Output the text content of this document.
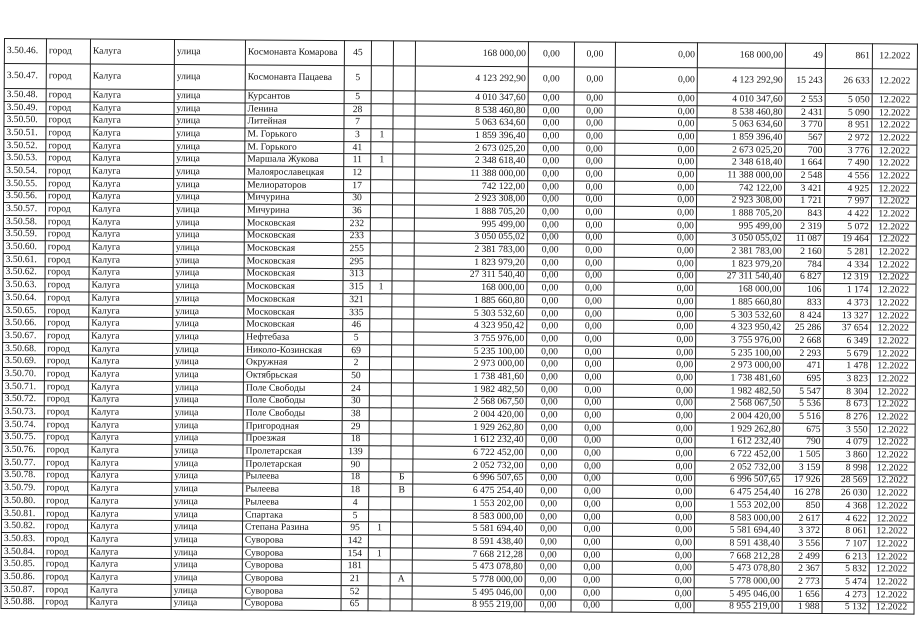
3.50.46.	город	Калуга	улица	Космонавта Комарова	45			168 000,00	0,00	0,00	0,00	168 000,00	49	861	12.2022
3.50.47.	город	Калуга	улица	Космонавта Пацаева	5			4 123 292,90	0,00	0,00	0,00	4 123 292,90	15 243	26 633	12.2022
3.50.48.	город	Калуга	улица	Курсантов	5			4 010 347,60	0,00	0,00	0,00	4 010 347,60	2 553	5 050	12.2022
3.50.49.	город	Калуга	улица	Ленина	28			8 538 460,80	0,00	0,00	0,00	8 538 460,80	2 431	5 090	12.2022
3.50.50.	город	Калуга	улица	Литейная	7			5 063 634,60	0,00	0,00	0,00	5 063 634,60	3 770	8 951	12.2022
3.50.51.	город	Калуга	улица	М. Горького	3	1		1 859 396,40	0,00	0,00	0,00	1 859 396,40	567	2 972	12.2022
3.50.52.	город	Калуга	улица	М. Горького	41			2 673 025,20	0,00	0,00	0,00	2 673 025,20	700	3 776	12.2022
3.50.53.	город	Калуга	улица	Маршала Жукова	11	1		2 348 618,40	0,00	0,00	0,00	2 348 618,40	1 664	7 490	12.2022
3.50.54.	город	Калуга	улица	Малоярославецкая	12			11 388 000,00	0,00	0,00	0,00	11 388 000,00	2 548	4 556	12.2022
3.50.55.	город	Калуга	улица	Мелиораторов	17			742 122,00	0,00	0,00	0,00	742 122,00	3 421	4 925	12.2022
3.50.56.	город	Калуга	улица	Мичурина	30			2 923 308,00	0,00	0,00	0,00	2 923 308,00	1 721	7 997	12.2022
3.50.57.	город	Калуга	улица	Мичурина	36			1 888 705,20	0,00	0,00	0,00	1 888 705,20	843	4 422	12.2022
3.50.58.	город	Калуга	улица	Московская	232			995 499,00	0,00	0,00	0,00	995 499,00	2 319	5 072	12.2022
3.50.59.	город	Калуга	улица	Московская	233			3 050 055,02	0,00	0,00	0,00	3 050 055,02	11 087	19 464	12.2022
3.50.60.	город	Калуга	улица	Московская	255			2 381 783,00	0,00	0,00	0,00	2 381 783,00	2 160	5 281	12.2022
3.50.61.	город	Калуга	улица	Московская	295			1 823 979,20	0,00	0,00	0,00	1 823 979,20	784	4 334	12.2022
3.50.62.	город	Калуга	улица	Московская	313			27 311 540,40	0,00	0,00	0,00	27 311 540,40	6 827	12 319	12.2022
3.50.63.	город	Калуга	улица	Московская	315	1		168 000,00	0,00	0,00	0,00	168 000,00	106	1 174	12.2022
3.50.64.	город	Калуга	улица	Московская	321			1 885 660,80	0,00	0,00	0,00	1 885 660,80	833	4 373	12.2022
3.50.65.	город	Калуга	улица	Московская	335			5 303 532,60	0,00	0,00	0,00	5 303 532,60	8 424	13 327	12.2022
3.50.66.	город	Калуга	улица	Московская	46			4 323 950,42	0,00	0,00	0,00	4 323 950,42	25 286	37 654	12.2022
3.50.67.	город	Калуга	улица	Нефтебаза	5			3 755 976,00	0,00	0,00	0,00	3 755 976,00	2 668	6 349	12.2022
3.50.68.	город	Калуга	улица	Николо-Козинская	69			5 235 100,00	0,00	0,00	0,00	5 235 100,00	2 293	5 679	12.2022
3.50.69.	город	Калуга	улица	Окружная	2			2 973 000,00	0,00	0,00	0,00	2 973 000,00	471	1 478	12.2022
3.50.70.	город	Калуга	улица	Октябрьская	50			1 738 481,60	0,00	0,00	0,00	1 738 481,60	695	3 823	12.2022
3.50.71.	город	Калуга	улица	Поле Свободы	24			1 982 482,50	0,00	0,00	0,00	1 982 482,50	5 547	8 304	12.2022
3.50.72.	город	Калуга	улица	Поле Свободы	30			2 568 067,50	0,00	0,00	0,00	2 568 067,50	5 536	8 673	12.2022
3.50.73.	город	Калуга	улица	Поле Свободы	38			2 004 420,00	0,00	0,00	0,00	2 004 420,00	5 516	8 276	12.2022
3.50.74.	город	Калуга	улица	Пригородная	29			1 929 262,80	0,00	0,00	0,00	1 929 262,80	675	3 550	12.2022
3.50.75.	город	Калуга	улица	Проезжая	18			1 612 232,40	0,00	0,00	0,00	1 612 232,40	790	4 079	12.2022
3.50.76.	город	Калуга	улица	Пролетарская	139			6 722 452,00	0,00	0,00	0,00	6 722 452,00	1 505	3 860	12.2022
3.50.77.	город	Калуга	улица	Пролетарская	90			2 052 732,00	0,00	0,00	0,00	2 052 732,00	3 159	8 998	12.2022
3.50.78.	город	Калуга	улица	Рылеева	18		Б	6 996 507,65	0,00	0,00	0,00	6 996 507,65	17 926	28 569	12.2022
3.50.79.	город	Калуга	улица	Рылеева	18		В	6 475 254,40	0,00	0,00	0,00	6 475 254,40	16 278	26 030	12.2022
3.50.80.	город	Калуга	улица	Рылеева	4			1 553 202,00	0,00	0,00	0,00	1 553 202,00	850	4 368	12.2022
3.50.81.	город	Калуга	улица	Спартака	5			8 583 000,00	0,00	0,00	0,00	8 583 000,00	2 617	4 622	12.2022
3.50.82.	город	Калуга	улица	Степана Разина	95	1		5 581 694,40	0,00	0,00	0,00	5 581 694,40	3 372	8 061	12.2022
3.50.83.	город	Калуга	улица	Суворова	142			8 591 438,40	0,00	0,00	0,00	8 591 438,40	3 556	7 107	12.2022
3.50.84.	город	Калуга	улица	Суворова	154	1		7 668 212,28	0,00	0,00	0,00	7 668 212,28	2 499	6 213	12.2022
3.50.85.	город	Калуга	улица	Суворова	181			5 473 078,80	0,00	0,00	0,00	5 473 078,80	2 367	5 832	12.2022
3.50.86.	город	Калуга	улица	Суворова	21		А	5 778 000,00	0,00	0,00	0,00	5 778 000,00	2 773	5 474	12.2022
3.50.87.	город	Калуга	улица	Суворова	52			5 495 046,00	0,00	0,00	0,00	5 495 046,00	1 656	4 273	12.2022
3.50.88.	город	Калуга	улица	Суворова	65			8 955 219,00	0,00	0,00	0,00	8 955 219,00	1 988	5 132	12.2022
